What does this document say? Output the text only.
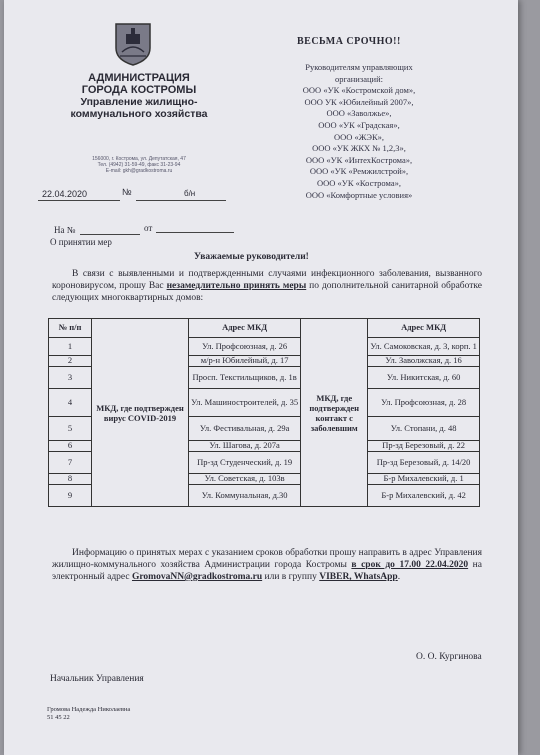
АДМИНИСТРАЦИЯ ГОРОДА КОСТРОМЫ
Управление жилищно-коммунального хозяйства
156000, г. Кострома, ул. Депутатская, 47
Тел. (4942) 31-59-49, факс 31-23-94
E-mail: gkh@gradkostroma.ru
22.04.2020	№	б/н
На №	от
О принятии мер
ВЕСЬМА СРОЧНО!!
Руководителям управляющих
организаций:
ООО «УК «Костромской дом»,
ООО УК «Юбилейный 2007»,
ООО «Заволжье»,
ООО «УК «Градская»,
ООО «ЖЭК»,
ООО «УК ЖКХ № 1,2,3»,
ООО «УК «ИнтехКострома»,
ООО «УК «Ремжилстрой»,
ООО «УК «Кострома»,
ООО «Комфортные условия»
Уважаемые руководители!
В связи с выявленными и подтвержденными случаями инфекционного заболевания, вызванного короновирусом, прошу Вас незамедлительно принять меры по дополнительной санитарной обработке следующих многоквартирных домов:
№ п/п	МКД, где подтвержден вирус COVID-2019	Адрес МКД	МКД, где подтвержден контакт с заболевшим	Адрес МКД
1		Ул. Профсоюзная, д. 26		Ул. Самоковская, д. 3, корп. 1
2		м/р-н Юбилейный, д. 17		Ул. Заволжская, д. 16
3		Просп. Текстильщиков, д. 1в		Ул. Никитская, д. 60
4		Ул. Машиностроителей, д. 35		Ул. Профсоюзная, д. 28
5		Ул. Фестивальная, д. 29а		Ул. Стопани, д. 48
6		Ул. Шагова, д. 207а		Пр-зд Березовый, д. 22
7		Пр-зд Студенческий, д. 19		Пр-зд Березовый, д. 14/20
8		Ул. Советская, д. 103в		Б-р Михалевский, д. 1
9		Ул. Коммунальная, д.30		Б-р Михалевский, д. 42
Информацию о принятых мерах с указанием сроков обработки прошу направить в адрес Управления жилищно-коммунального хозяйства Администрации города Костромы в срок до 17.00 22.04.2020 на электронный адрес GromovaNN@gradkostroma.ru или в группу VIBER, WhatsApp.
О. О. Кургинова
Начальник Управления
Громова Надежда Николаевна
51 45 22
